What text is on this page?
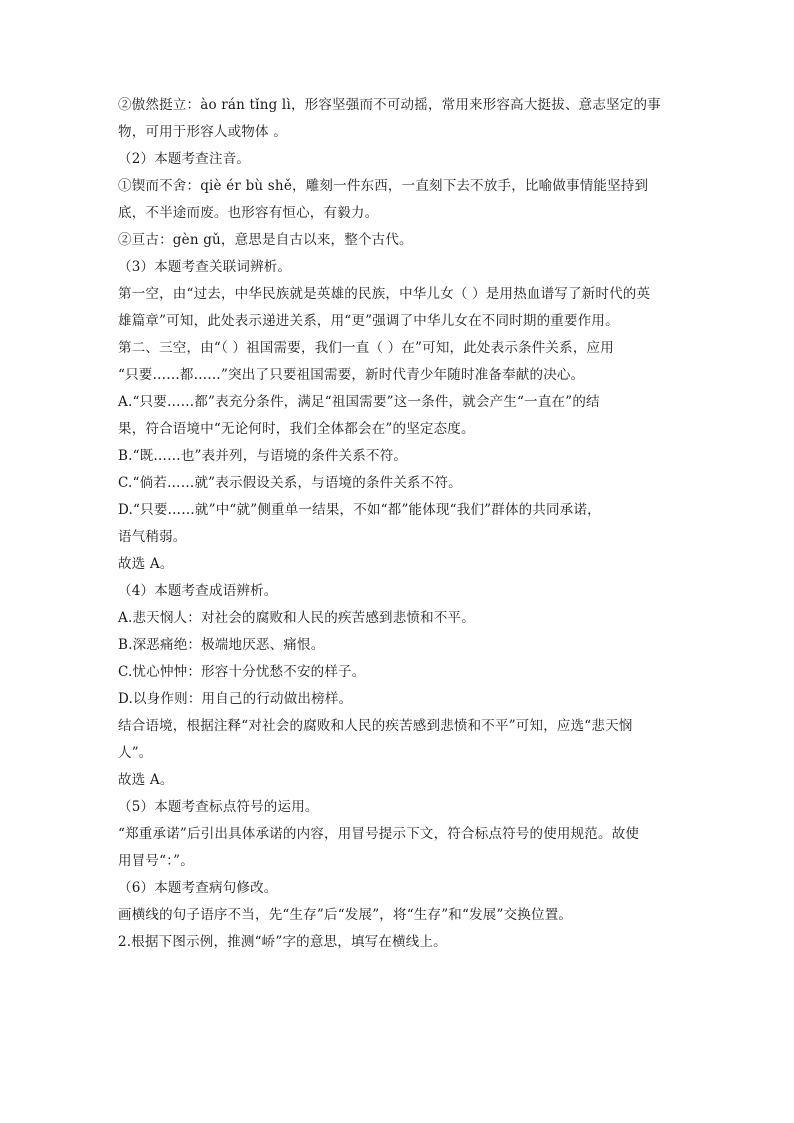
②傲然挺立：ào rán tǐng lì，形容坚强而不可动摇，常用来形容高大挺拔、意志坚定的事
物，可用于形容人或物体 。
（2）本题考查注音。
①锲而不舍：qiè ér bù shě，雕刻一件东西，一直刻下去不放手，比喻做事情能坚持到
底，不半途而废。也形容有恒心，有毅力。
②亘古：gèn gǔ，意思是自古以来，整个古代。
（3）本题考查关联词辨析。
第一空，由“过去，中华民族就是英雄的民族，中华儿女（ ）是用热血谱写了新时代的英
雄篇章”可知，此处表示递进关系，用“更”强调了中华儿女在不同时期的重要作用。
第二、三空，由“（ ）祖国需要，我们一直（ ）在”可知，此处表示条件关系，应用
“只要……都……”突出了只要祖国需要，新时代青少年随时准备奉献的决心。
A.“只要……都”表充分条件，满足“祖国需要”这一条件，就会产生“一直在”的结
果，符合语境中“无论何时，我们全体都会在”的坚定态度。
B.“既……也”表并列，与语境的条件关系不符。
C.“倘若……就”表示假设关系，与语境的条件关系不符。
D.“只要……就”中“就”侧重单一结果，不如“都”能体现“我们”群体的共同承诺，
语气稍弱。
故选 A。
（4）本题考查成语辨析。
A.悲天悯人：对社会的腐败和人民的疾苦感到悲愤和不平。
B.深恶痛绝：极端地厌恶、痛恨。
C.忧心忡忡：形容十分忧愁不安的样子。
D.以身作则：用自己的行动做出榜样。
结合语境，根据注释“对社会的腐败和人民的疾苦感到悲愤和不平”可知，应选“悲天悯
人”。
故选 A。
（5）本题考查标点符号的运用。
“郑重承诺”后引出具体承诺的内容，用冒号提示下文，符合标点符号的使用规范。故使
用冒号“：”。
（6）本题考查病句修改。
画横线的句子语序不当，先“生存”后“发展”，将“生存”和“发展”交换位置。
2.根据下图示例，推测“峤”字的意思，填写在横线上。
